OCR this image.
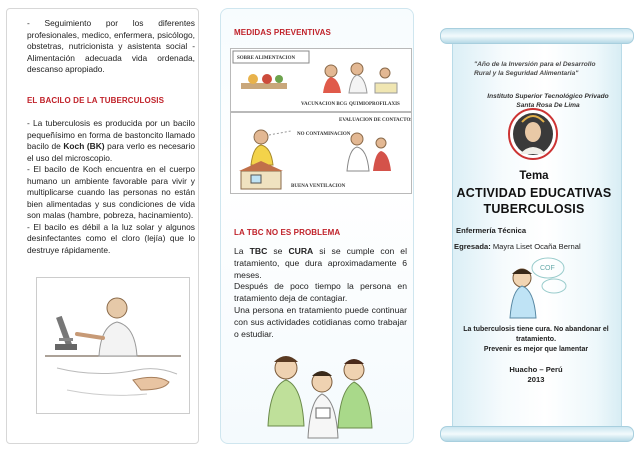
- Seguimiento por los diferentes profesionales, medico, enfermera, psicólogo, obstetras, nutricionista y asistenta social - Alimentación adecuada vida ordenada, descanso apropiado.
EL BACILO DE LA TUBERCULOSIS

- La tuberculosis es producida por un bacilo pequeñísimo en forma de bastoncito llamado bacilo de Koch (BK) para verlo es necesario el uso del microscopio.

- El bacilo de Koch encuentra en el cuerpo humano un ambiente favorable para vivir y multiplicarse cuando las personas no están bien alimentadas y sus condiciones de vida son malas (hambre, pobreza, hacinamiento).

- El bacilo es débil a la luz solar y algunos desinfectantes como el cloro (lejía) que lo destruye rápidamente.

MEDIDAS PREVENTIVAS
SOBRE ALIMENTACION
VACUNACION BCG QUIMIOPROFILAXIS
EVALUACION DE CONTACTOS
NO CONTAMINACION
BUENA VENTILACION
LA TBC NO ES PROBLEMA
La TBC se CURA si se cumple con el tratamiento, que dura aproximadamente 6 meses.
Después de poco tiempo la persona en tratamiento deja de contagiar.
Una persona en tratamiento puede continuar con sus actividades cotidianas como trabajar o estudiar.
"Año de la Inversión para el Desarrollo
Rural y la Seguridad Alimentaria"
Instituto Superior Tecnológico Privado
Santa Rosa De Lima
Tema
ACTIVIDAD EDUCATIVAS
TUBERCULOSIS
Enfermería Técnica
Egresada: Mayra Liset Ocaña Bernal
COF
La tuberculosis tiene cura. No abandonar el
tratamiento.
Prevenir es mejor que lamentar
Huacho – Perú
2013
